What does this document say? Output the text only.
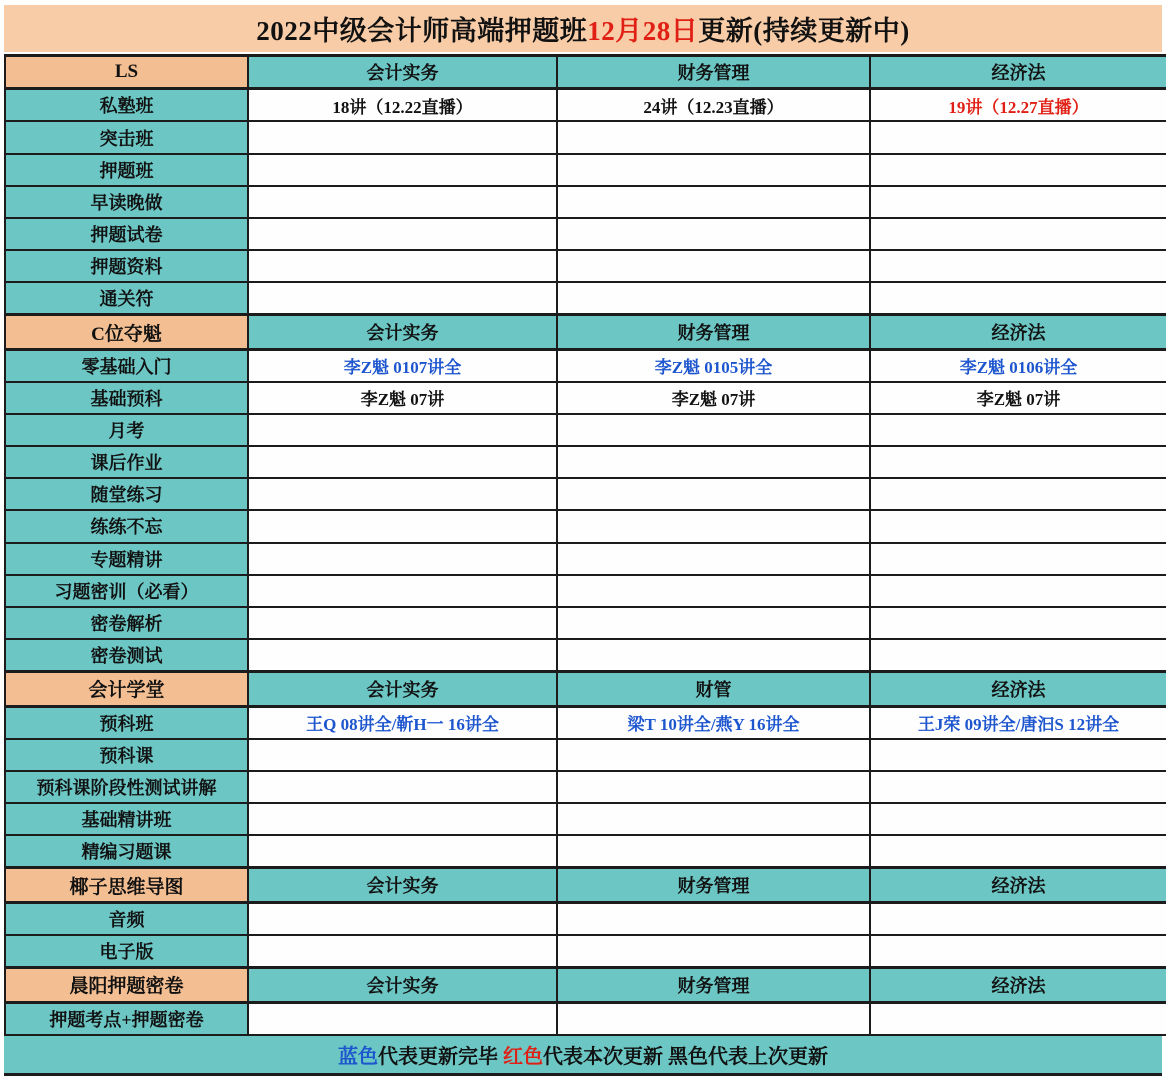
2022中级会计师高端押题班 12月28日 更新(持续更新中)
LS	会计实务	财务管理	经济法
私塾班	18讲（12.22直播）	24讲（12.23直播）	19讲（12.27直播）
突击班			
押题班			
早读晚做			
押题试卷			
押题资料			
通关符			
C位夺魁	会计实务	财务管理	经济法
零基础入门	李Z魁 0107讲全	李Z魁 0105讲全	李Z魁 0106讲全
基础预科	李Z魁 07讲	李Z魁 07讲	李Z魁 07讲
月考			
课后作业			
随堂练习			
练练不忘			
专题精讲			
习题密训（必看）			
密卷解析			
密卷测试			
会计学堂	会计实务	财管	经济法
预科班	王Q 08讲全/靳H一 16讲全	梁T 10讲全/燕Y 16讲全	王J荣 09讲全/唐汩S 12讲全
预科课			
预科课阶段性测试讲解			
基础精讲班			
精编习题课			
椰子思维导图	会计实务	财务管理	经济法
音频			
电子版			
晨阳押题密卷	会计实务	财务管理	经济法
押题考点+押题密卷			
蓝色 代表更新完毕 红色 代表本次更新 黑色代表上次更新
